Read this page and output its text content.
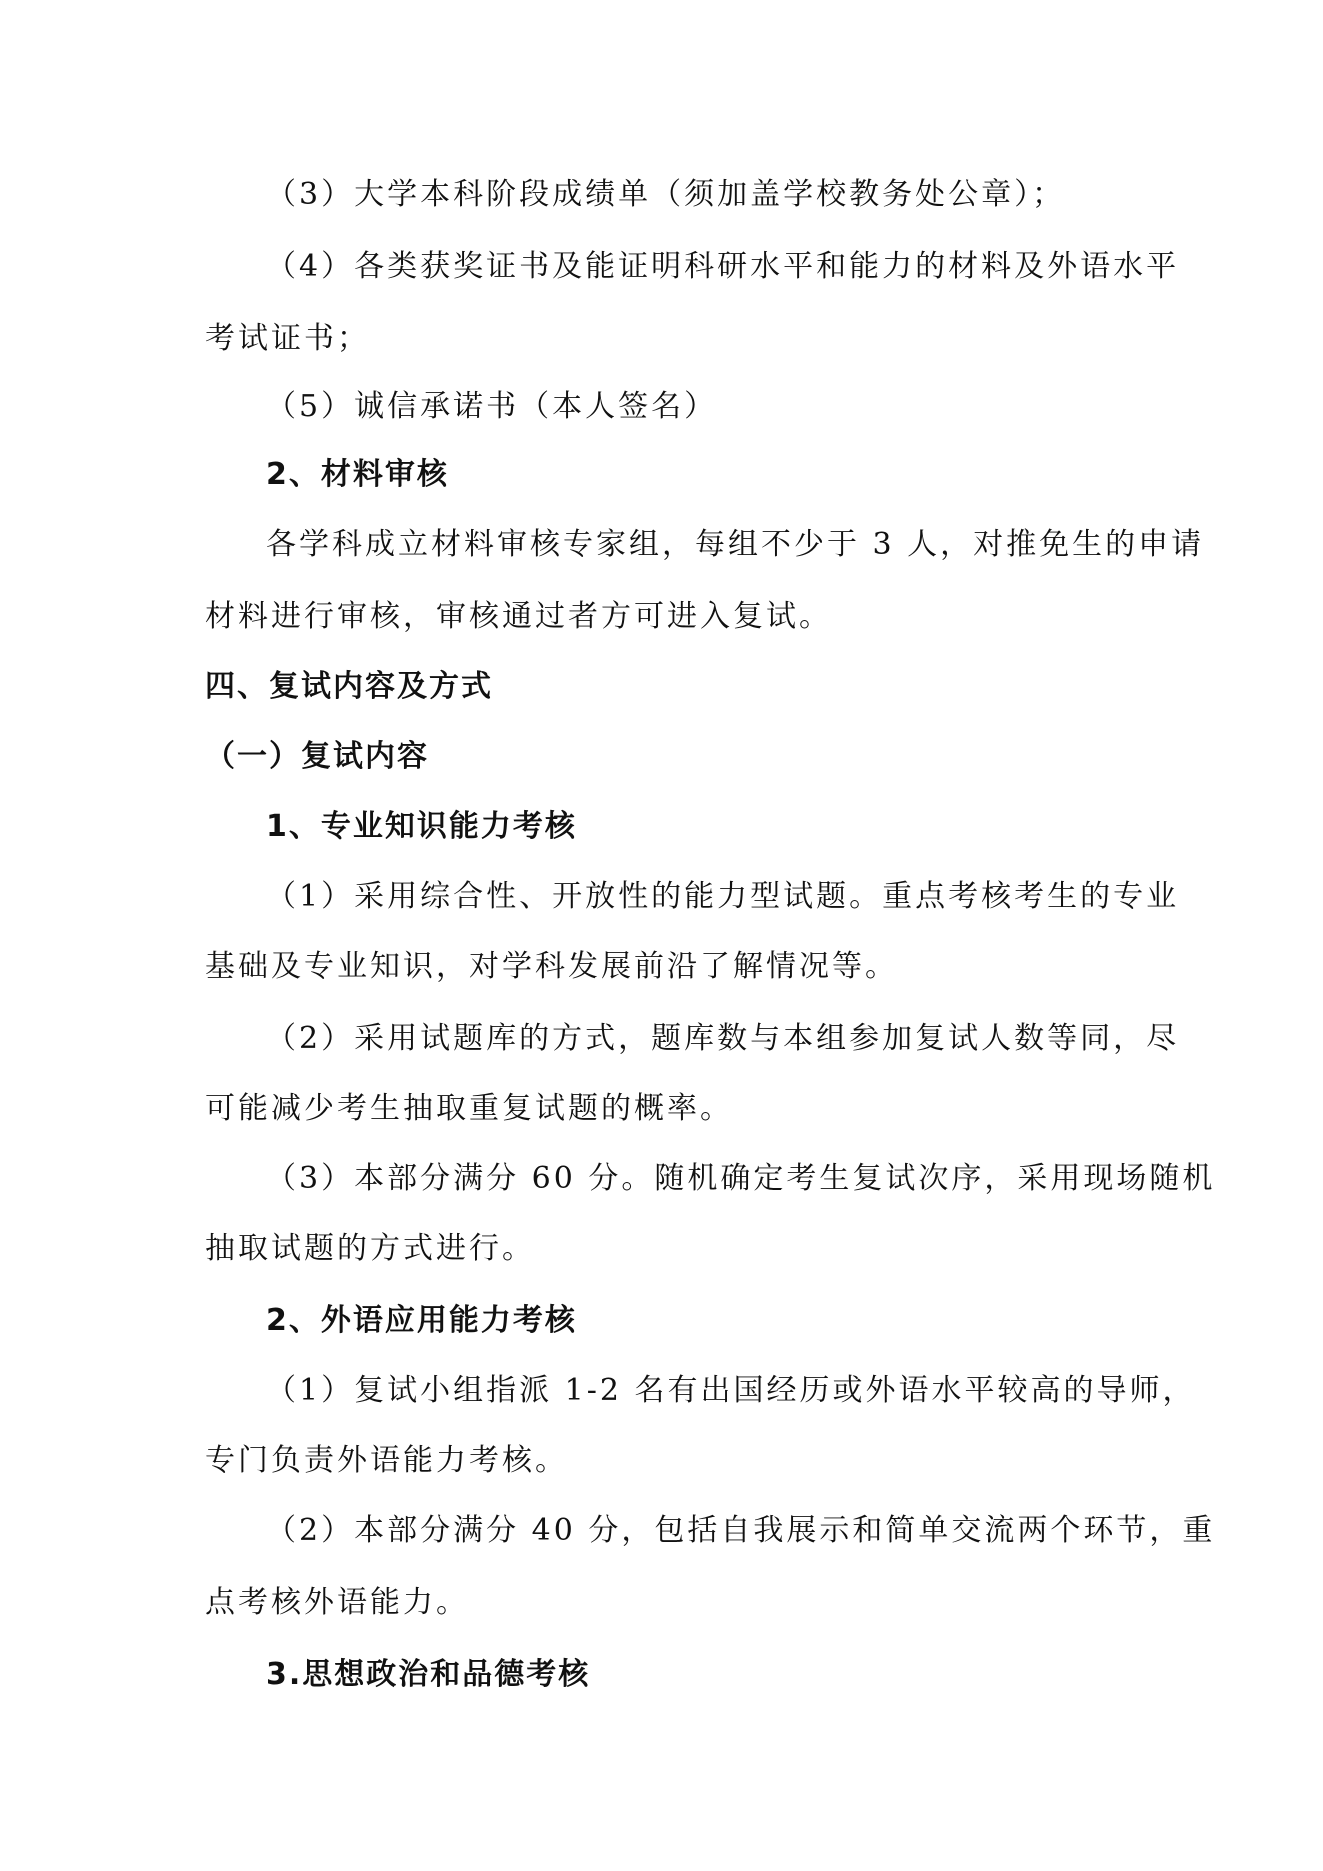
（3）大学本科阶段成绩单（须加盖学校教务处公章）；
（4）各类获奖证书及能证明科研水平和能力的材料及外语水平
考试证书；
（5）诚信承诺书（本人签名）
2、材料审核
各学科成立材料审核专家组，每组不少于 3 人，对推免生的申请
材料进行审核，审核通过者方可进入复试。
四、复试内容及方式
（一）复试内容
1、专业知识能力考核
（1）采用综合性、开放性的能力型试题。重点考核考生的专业
基础及专业知识，对学科发展前沿了解情况等。
（2）采用试题库的方式，题库数与本组参加复试人数等同，尽
可能减少考生抽取重复试题的概率。
（3）本部分满分 60 分。随机确定考生复试次序，采用现场随机
抽取试题的方式进行。
2、外语应用能力考核
（1）复试小组指派 1-2 名有出国经历或外语水平较高的导师，
专门负责外语能力考核。
（2）本部分满分 40 分，包括自我展示和简单交流两个环节，重
点考核外语能力。
3.思想政治和品德考核
